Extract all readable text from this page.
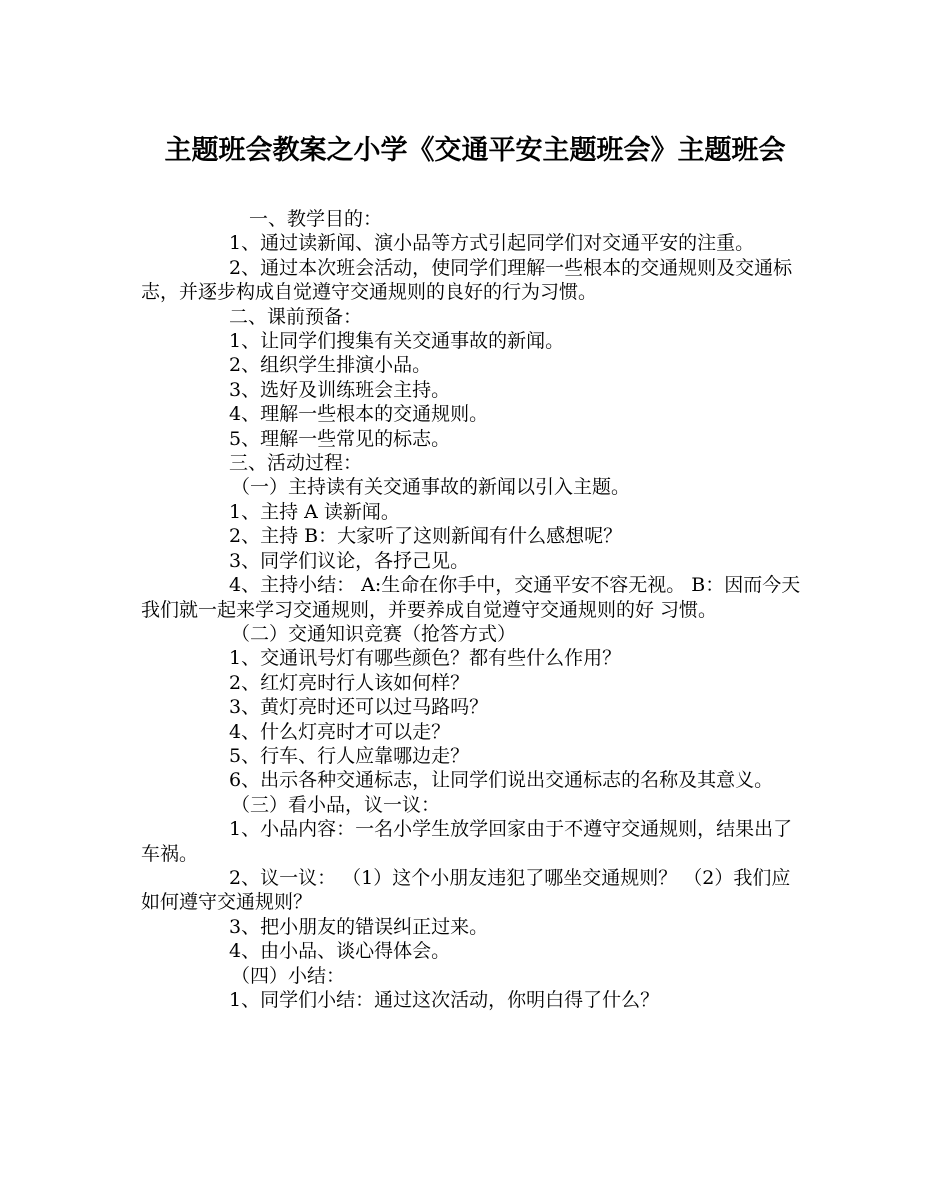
主题班会教案之小学《交通平安主题班会》主题班会

一、教学目的：

1、通过读新闻、演小品等方式引起同学们对交通平安的注重。

2、通过本次班会活动，使同学们理解一些根本的交通规则及交通标志，并逐步构成自觉遵守交通规则的良好的行为习惯。

二、课前预备：

1、让同学们搜集有关交通事故的新闻。

2、组织学生排演小品。

3、选好及训练班会主持。

4、理解一些根本的交通规则。

5、理解一些常见的标志。

三、活动过程：

（一）主持读有关交通事故的新闻以引入主题。

1、主持 A 读新闻。

2、主持 B：大家听了这则新闻有什么感想呢？

3、同学们议论，各抒己见。

4、主持小结： A:生命在你手中，交通平安不容无视。 B：因而今天我们就一起来学习交通规则，并要养成自觉遵守交通规则的好 习惯。

（二）交通知识竞赛（抢答方式）

1、交通讯号灯有哪些颜色？都有些什么作用？

2、红灯亮时行人该如何样？

3、黄灯亮时还可以过马路吗？

4、什么灯亮时才可以走？

5、行车、行人应靠哪边走？

6、出示各种交通标志，让同学们说出交通标志的名称及其意义。

（三）看小品，议一议：

1、小品内容：一名小学生放学回家由于不遵守交通规则，结果出了车祸。

2、议一议： （1）这个小朋友违犯了哪坐交通规则？ （2）我们应如何遵守交通规则？

3、把小朋友的错误纠正过来。

4、由小品、谈心得体会。

（四）小结：

1、同学们小结：通过这次活动，你明白得了什么？
